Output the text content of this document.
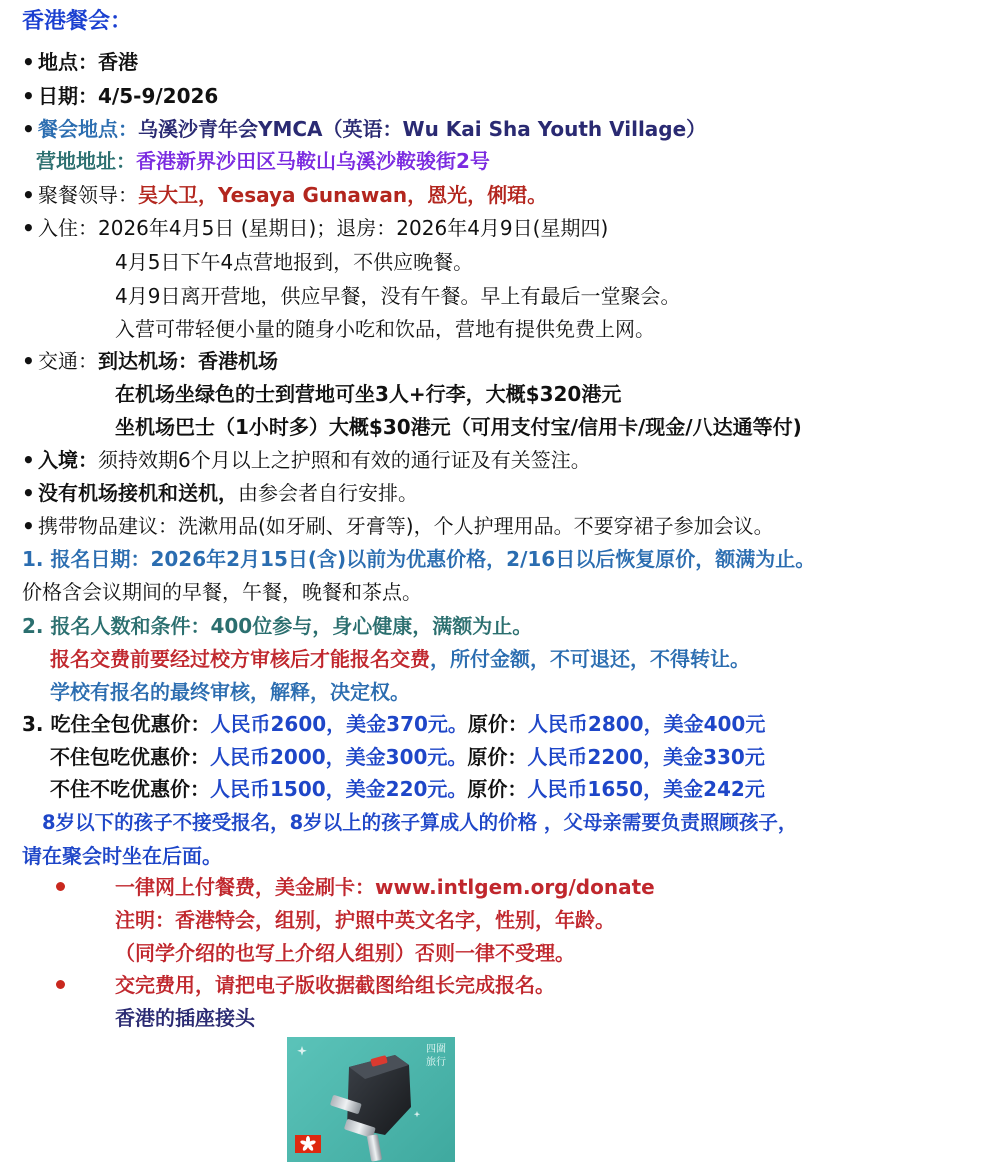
香港餐会：
• 地点：香港
• 日期：4/5-9/2026
• 餐会地点：乌溪沙青年会YMCA（英语：Wu Kai Sha Youth Village）
营地地址：香港新界沙田区马鞍山乌溪沙鞍骏街2号
• 聚餐领导：吴大卫，Yesaya Gunawan，恩光，俐珺。
• 入住：2026年4月5日 (星期日)；退房：2026年4月9日(星期四)
4月5日下午4点营地报到，不供应晚餐。
4月9日离开营地，供应早餐，没有午餐。早上有最后一堂聚会。
入营可带轻便小量的随身小吃和饮品，营地有提供免费上网。
• 交通：到达机场：香港机场
在机场坐绿色的士到营地可坐3人+行李，大概$320港元
坐机场巴士（1小时多）大概$30港元（可用支付宝/信用卡/现金/八达通等付)
• 入境：须持效期6个月以上之护照和有效的通行证及有关签注。
• 没有机场接机和送机，由参会者自行安排。
• 携带物品建议：洗漱用品(如牙刷、牙膏等)，个人护理用品。不要穿裙子参加会议。
1. 报名日期：2026年2月15日(含)以前为优惠价格，2/16日以后恢复原价，额满为止。
价格含会议期间的早餐，午餐，晚餐和茶点。
2. 报名人数和条件：400位参与，身心健康，满额为止。
报名交费前要经过校方审核后才能报名交费，所付金额，不可退还，不得转让。
学校有报名的最终审核，解释，决定权。
3. 吃住全包优惠价：人民币2600，美金370元。原价：人民币2800，美金400元
不住包吃优惠价：人民币2000，美金300元。原价：人民币2200，美金330元
不住不吃优惠价：人民币1500，美金220元。原价：人民币1650，美金242元
8岁以下的孩子不接受报名，8岁以上的孩子算成人的价格 ，父母亲需要负责照顾孩子，
请在聚会时坐在后面。
一律网上付餐费，美金刷卡：www.intlgem.org/donate
注明：香港特会，组别，护照中英文名字，性别，年龄。
（同学介绍的也写上介绍人组别）否则一律不受理。
交完费用，请把电子版收据截图给组长完成报名。
香港的插座接头
四圍旅行
